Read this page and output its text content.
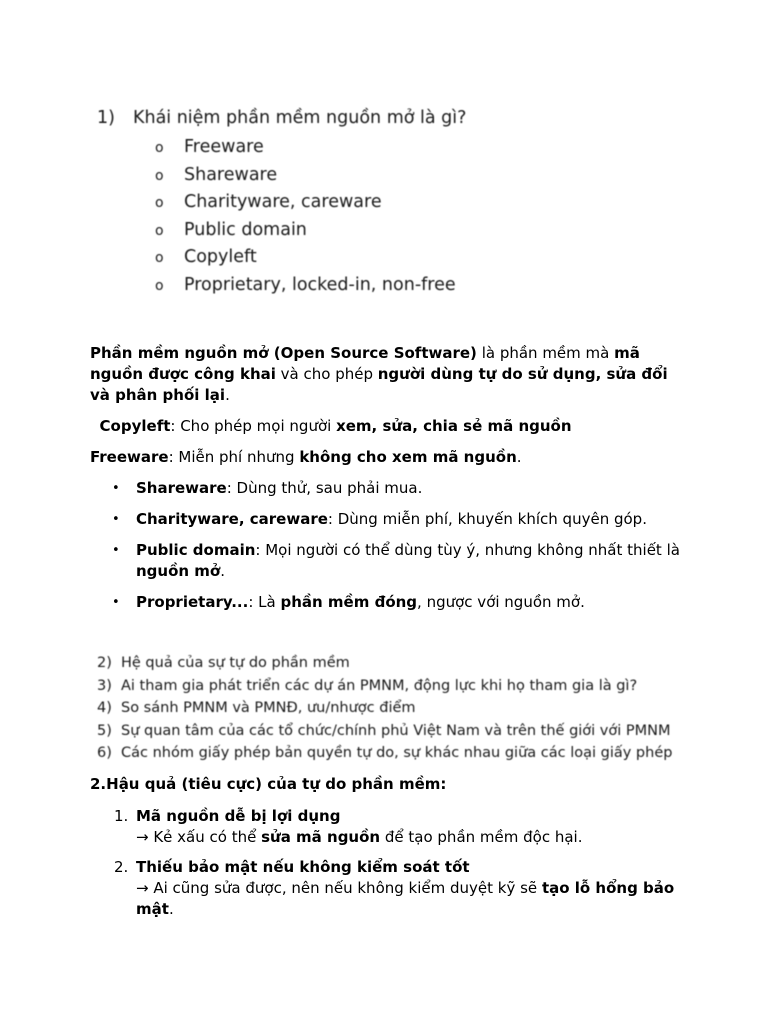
1) Khái niệm phần mềm nguồn mở là gì?
o Freeware
o Shareware
o Charityware, careware
o Public domain
o Copyleft
o Proprietary, locked-in, non-free

Phần mềm nguồn mở (Open Source Software) là phần mềm mà mã nguồn được công khai và cho phép người dùng tự do sử dụng, sửa đổi và phân phối lại.

Copyleft: Cho phép mọi người xem, sửa, chia sẻ mã nguồn

Freeware: Miễn phí nhưng không cho xem mã nguồn.

• Shareware: Dùng thử, sau phải mua.
• Charityware, careware: Dùng miễn phí, khuyến khích quyên góp.
• Public domain: Mọi người có thể dùng tùy ý, nhưng không nhất thiết là nguồn mở.
• Proprietary...: Là phần mềm đóng, ngược với nguồn mở.
2) Hệ quả của sự tự do phần mềm
3) Ai tham gia phát triển các dự án PMNM, động lực khi họ tham gia là gì?
4) So sánh PMNM và PMNĐ, ưu/nhược điểm
5) Sự quan tâm của các tổ chức/chính phủ Việt Nam và trên thế giới với PMNM
6) Các nhóm giấy phép bản quyền tự do, sự khác nhau giữa các loại giấy phép
2.Hậu quả (tiêu cực) của tự do phần mềm:
1. Mã nguồn dễ bị lợi dụng
→ Kẻ xấu có thể sửa mã nguồn để tạo phần mềm độc hại.
2. Thiếu bảo mật nếu không kiểm soát tốt
→ Ai cũng sửa được, nên nếu không kiểm duyệt kỹ sẽ tạo lỗ hổng bảo mật.
